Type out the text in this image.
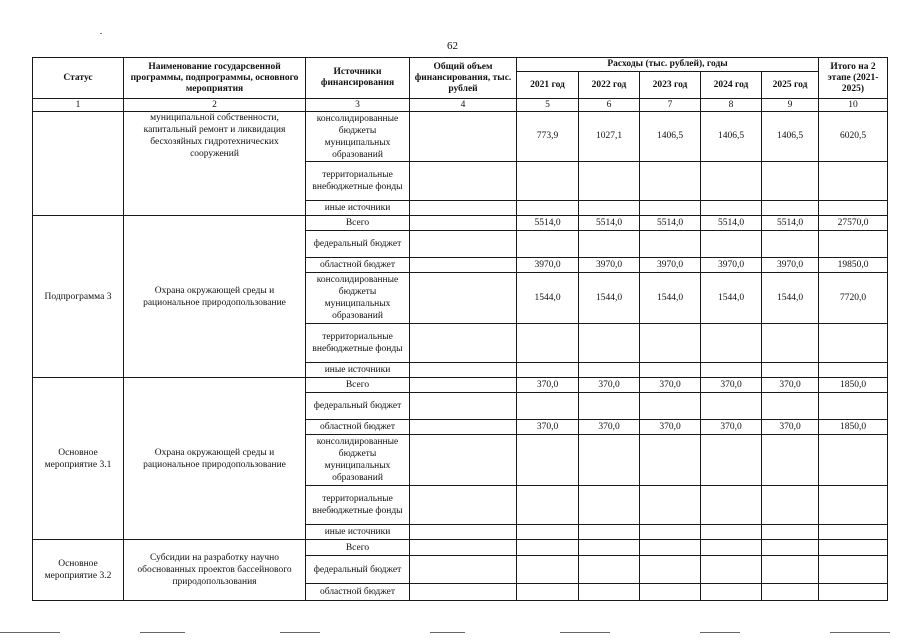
62
Статус	Наименование государсвенной программы, подпрограммы, основного мероприятия	Источники финансирования	Общий объем финансирования, тыс. рублей	Расходы (тыс. рублей), годы					Итого на 2 этапе (2021-2025)
				2021 год	2022 год	2023 год	2024 год	2025 год	
1	2	3	4	5	6	7	8	9	10
	муниципальной собственности, капитальный ремонт и ликвидация бесхозяйных гидротехнических сооружений	консолидированные бюджеты муниципальных образований		773,9	1027,1	1406,5	1406,5	1406,5	6020,5
		территориальные внебюджетные фонды							
		иные источники							
Подпрограмма 3	Охрана окружающей среды и рациональное природопользование	Всего		5514,0	5514,0	5514,0	5514,0	5514,0	27570,0
		федеральный бюджет							
		областной бюджет		3970,0	3970,0	3970,0	3970,0	3970,0	19850,0
		консолидированные бюджеты муниципальных образований		1544,0	1544,0	1544,0	1544,0	1544,0	7720,0
		территориальные внебюджетные фонды							
		иные источники							
Основное мероприятие 3.1	Охрана окружающей среды и рациональное природопользование	Всего		370,0	370,0	370,0	370,0	370,0	1850,0
		федеральный бюджет							
		областной бюджет		370,0	370,0	370,0	370,0	370,0	1850,0
		консолидированные бюджеты муниципальных образований							
		территориальные внебюджетные фонды							
		иные источники							
Основное мероприятие 3.2	Субсидии на разработку научно обоснованных проектов бассейнового природопользования	Всего							
		федеральный бюджет							
		областной бюджет							
